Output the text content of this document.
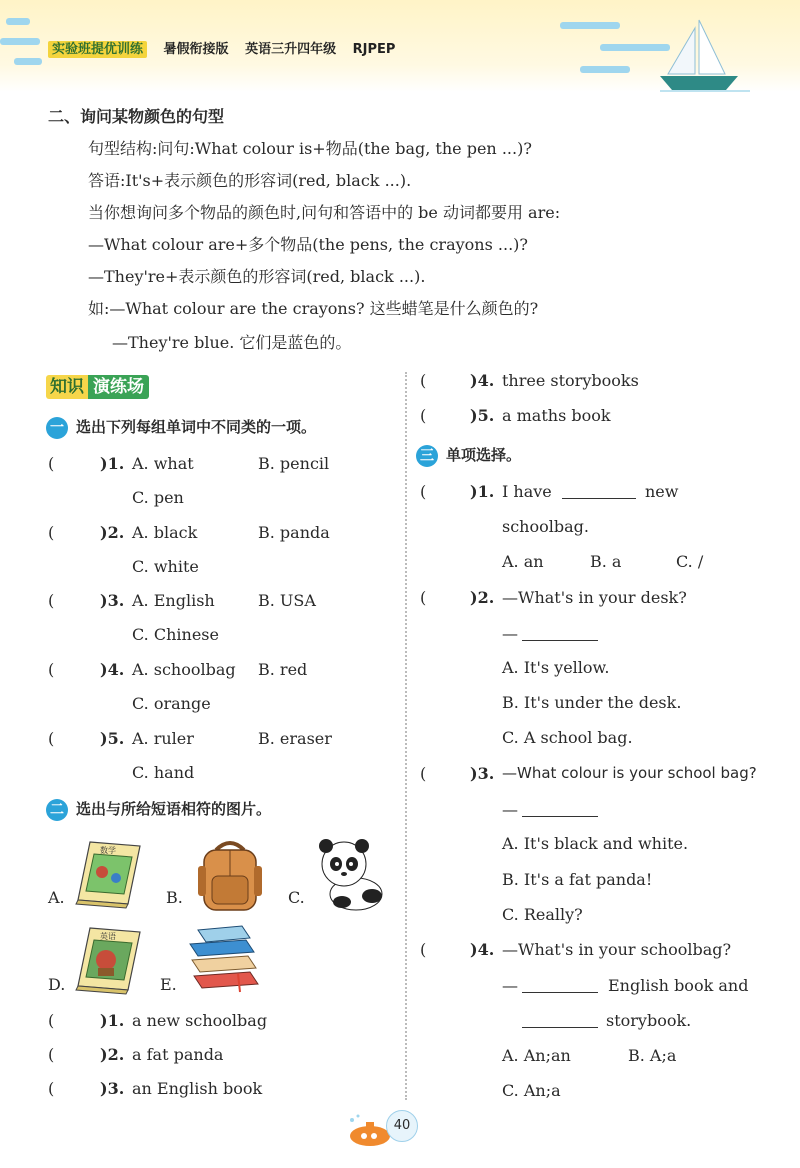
实验班提优训练 暑假衔接版 英语三升四年级 RJPEP
二、询问某物颜色的句型
句型结构:问句:What colour is+物品(the bag, the pen ...)?
答语:It's+表示颜色的形容词(red, black ...).
当你想询问多个物品的颜色时,问句和答语中的 be 动词都要用 are:
—What colour are+多个物品(the pens, the crayons ...)?
—They're+表示颜色的形容词(red, black ...).
如:—What colour are the crayons? 这些蜡笔是什么颜色的?
—They're blue. 它们是蓝色的。
知识 演练场
一 选出下列每组单词中不同类的一项。
(	)1. A. what	B. pencil
C. pen
(	)2. A. black	B. panda
C. white
(	)3. A. English	B. USA
C. Chinese
(	)4. A. schoolbag B. red
C. orange
(	)5. A. ruler	B. eraser
C. hand
二 选出与所给短语相符的图片。
A.
数学
B.	C.
D.
英语
E.
(	)1. a new schoolbag
(	)2. a fat panda
(	)3. an English book
(	)4. three storybooks
(	)5. a maths book
三 单项选择。
(	)1. I have	new
schoolbag.
A. an	B. a	C. /
(	)2. —What's in your desk?
—
A. It's yellow.
B. It's under the desk.
C. A school bag.
(	)3. —What colour is your school bag?
—
A. It's black and white.
B. It's a fat panda!
C. Really?
(	)4. —What's in your schoolbag?
—	English book and
storybook.
A. An;an	B. A;a
C. An;a
40
